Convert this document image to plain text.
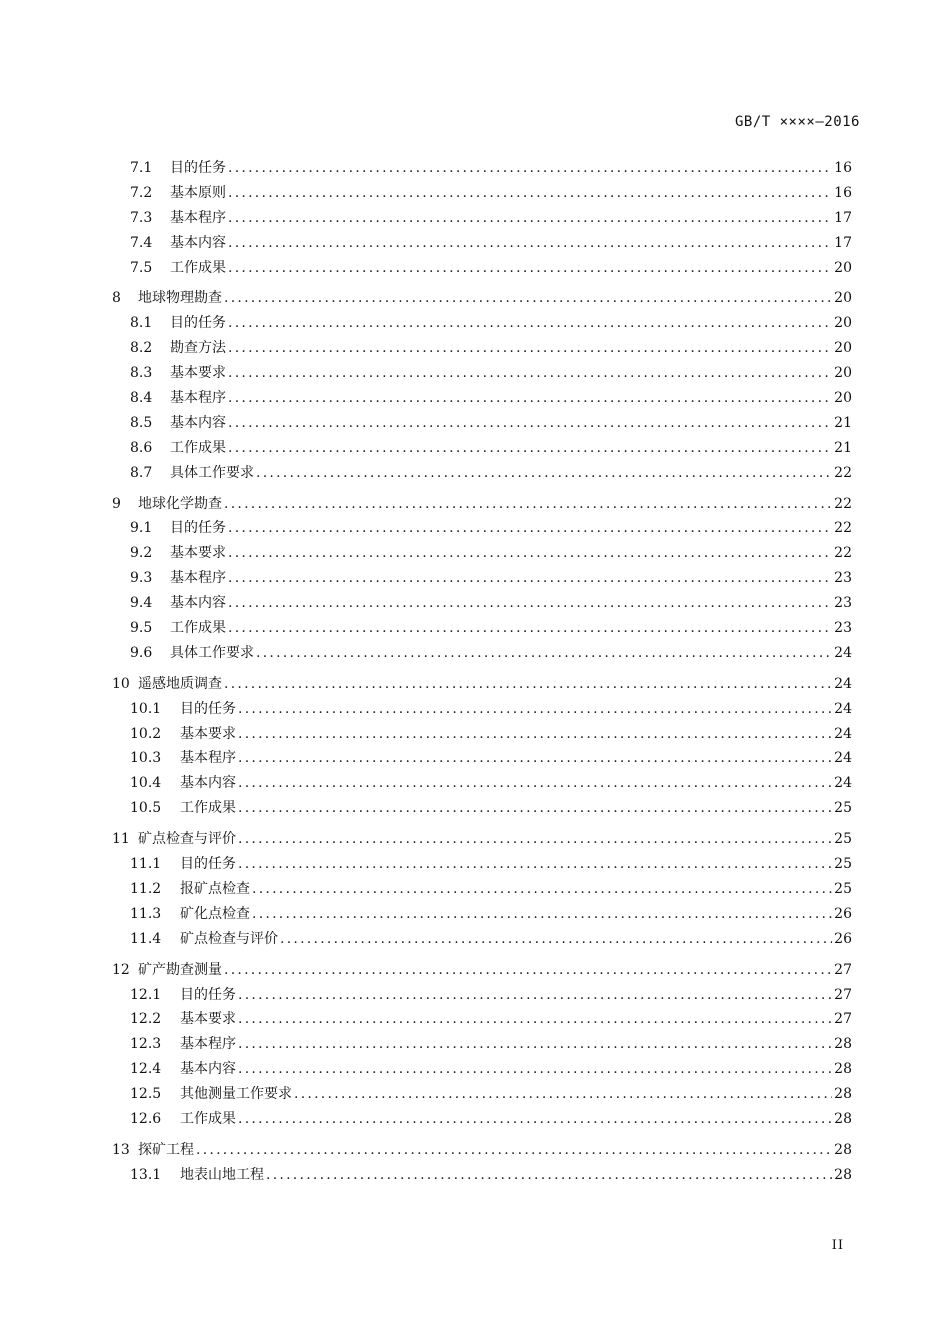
GB/T ××××—2016
7.1	目的任务 . . .	16
7.2	基本原则 . . .	16
7.3	基本程序 . . .	17
7.4	基本内容 . . .	17
7.5	工作成果 . . .	20
8	地球物理勘查 . . .	20
8.1	目的任务 . . .	20
8.2	勘查方法 . . .	20
8.3	基本要求 . . .	20
8.4	基本程序 . . .	20
8.5	基本内容 . . .	21
8.6	工作成果 . . .	21
8.7	具体工作要求 . . .	22
9	地球化学勘查 . . .	22
9.1	目的任务 . . .	22
9.2	基本要求 . . .	22
9.3	基本程序 . . .	23
9.4	基本内容 . . .	23
9.5	工作成果 . . .	23
9.6	具体工作要求 . . .	24
10 遥感地质调查 . . .	24
10.1	目的任务 . . .	24
10.2	基本要求 . . .	24
10.3	基本程序 . . .	24
10.4	基本内容 . . .	24
10.5	工作成果 . . .	25
11 矿点检查与评价 . . .	25
11.1	目的任务 . . .	25
11.2	报矿点检查 . . .	25
11.3	矿化点检查 . . .	26
11.4	矿点检查与评价 . . .	26
12 矿产勘查测量 . . .	27
12.1	目的任务 . . .	27
12.2	基本要求 . . .	27
12.3	基本程序 . . .	28
12.4	基本内容 . . .	28
12.5	其他测量工作要求 . . .	28
12.6	工作成果 . . .	28
13 探矿工程 . . .	28
13.1	地表山地工程 . . .	28
II
